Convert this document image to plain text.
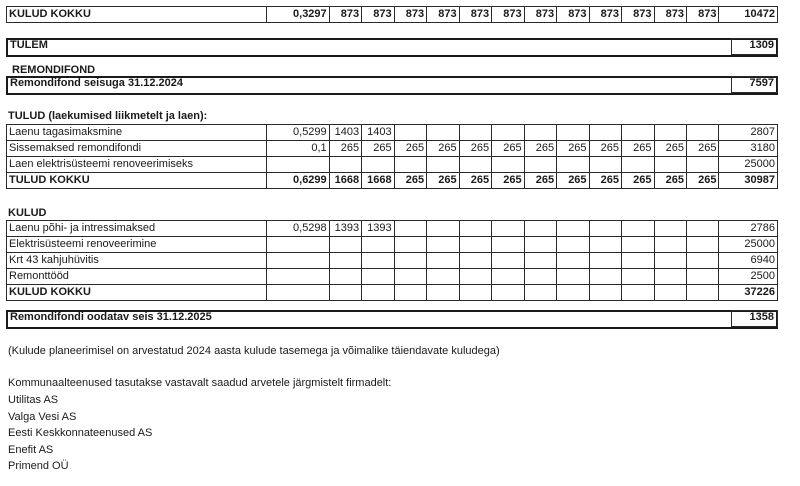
KULUD KOKKU	0,3297	873	873	873	873	873	873	873	873	873	873	873	873	10472
TULEM	1309
REMONDIFOND
Remondifond seisuga 31.12.2024	7597
TULUD (laekumised liikmetelt ja laen):
Laenu tagasimaksmine	0,5299	1403	1403											2807
Sissemaksed remondifondi	0,1	265	265	265	265	265	265	265	265	265	265	265	265	3180
Laen elektrisüsteemi renoveerimiseks														25000
TULUD KOKKU	0,6299	1668	1668	265	265	265	265	265	265	265	265	265	265	30987
KULUD
Laenu põhi- ja intressimaksed	0,5298	1393	1393											2786
Elektrisüsteemi renoveerimine														25000
Krt 43 kahjuhüvitis														6940
Remonttööd														2500
KULUD KOKKU														37226
Remondifondi oodatav seis 31.12.2025	1358
(Kulude planeerimisel on arvestatud 2024 aasta kulude tasemega ja võimalike täiendavate kuludega)
Kommunaalteenused tasutakse vastavalt saadud arvetele järgmistelt firmadelt:
Utilitas AS
Valga Vesi AS
Eesti Keskkonnateenused AS
Enefit AS
Primend OÜ
